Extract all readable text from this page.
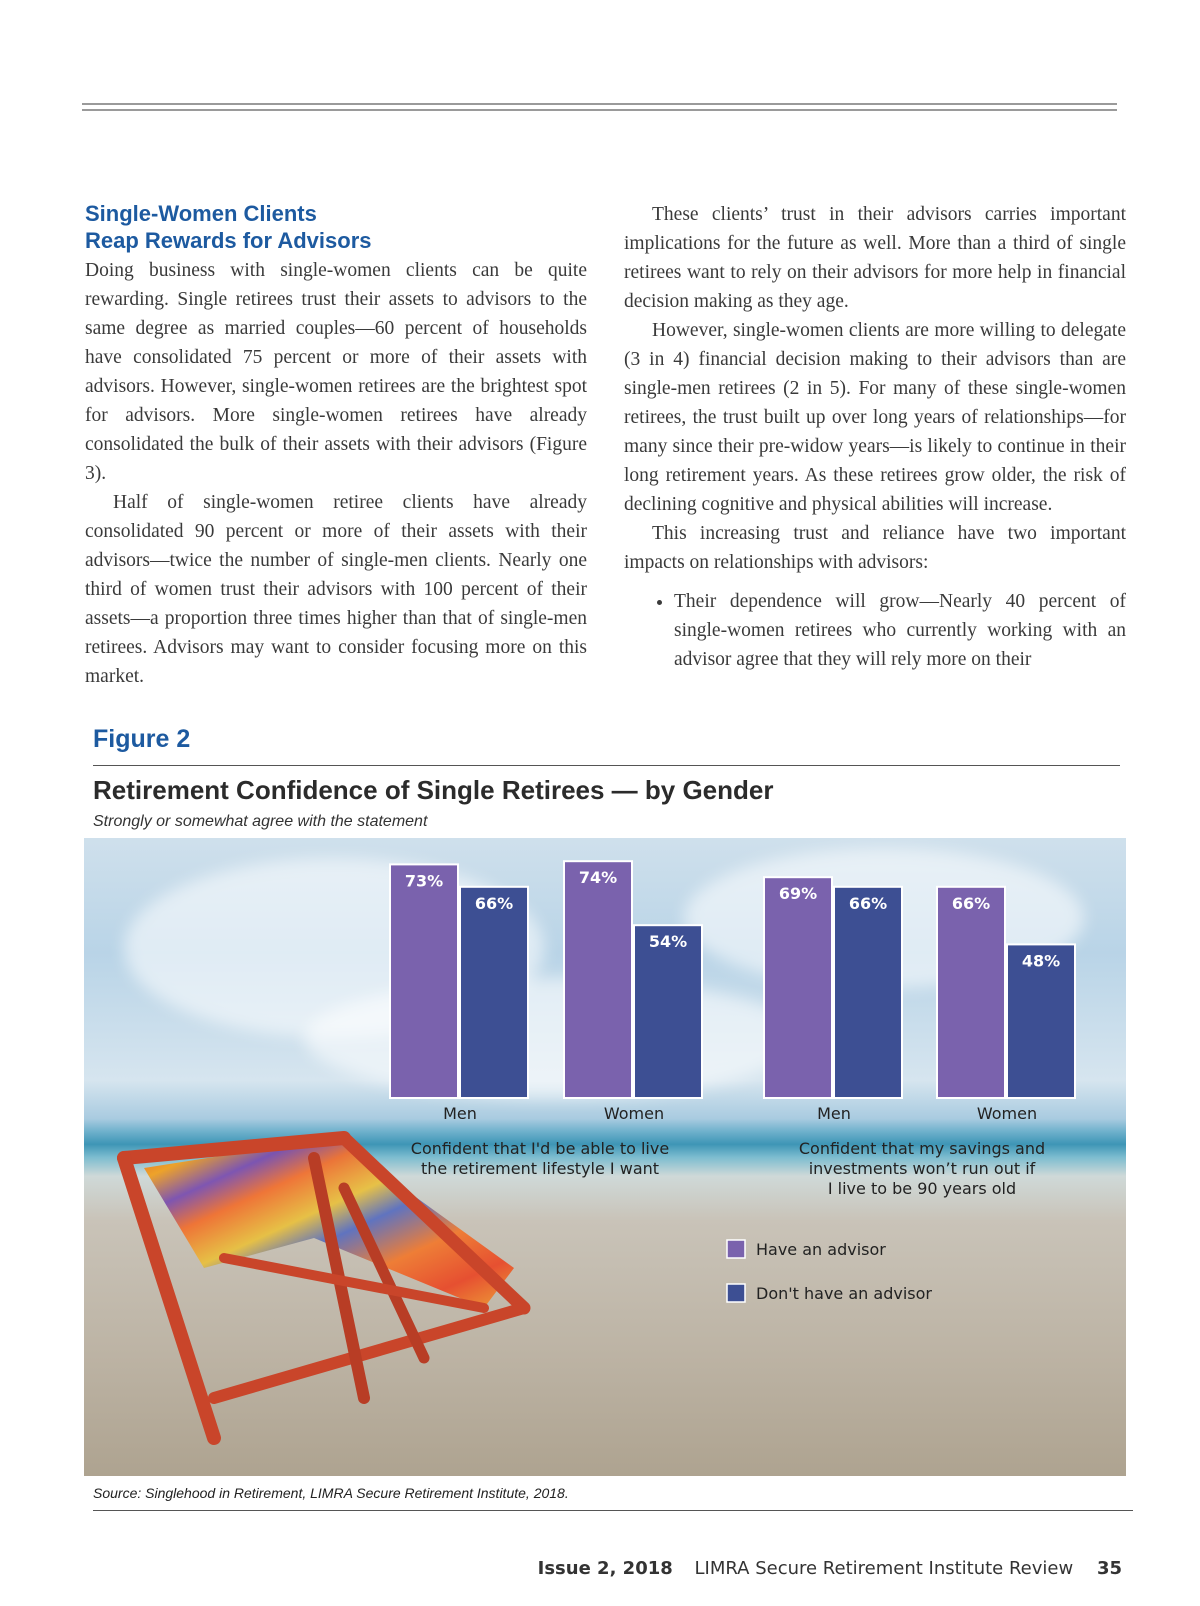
Single-Women Clients
Reap Rewards for Advisors

Doing business with single-women clients can be quite rewarding. Single retirees trust their assets to advisors to the same degree as married couples—60 percent of households have consolidated 75 percent or more of their assets with advisors. However, single-women retirees are the brightest spot for advisors. More single-women retirees have already consolidated the bulk of their assets with their advisors (Figure 3).

Half of single-women retiree clients have already consolidated 90 percent or more of their assets with their advisors—twice the number of single-men clients. Nearly one third of women trust their advisors with 100 percent of their assets—a proportion three times higher than that of single-men retirees. Advisors may want to consider focusing more on this market.

These clients’ trust in their advisors carries important implications for the future as well. More than a third of single retirees want to rely on their advisors for more help in financial decision making as they age.

However, single-women clients are more willing to delegate (3 in 4) financial decision making to their advisors than are single-men retirees (2 in 5). For many of these single-women retirees, the trust built up over long years of relationships—for many since their pre-widow years—is likely to continue in their long retirement years. As these retirees grow older, the risk of declining cognitive and physical abilities will increase.

This increasing trust and reliance have two important impacts on relationships with advisors:

• Their dependence will grow—Nearly 40 percent of single-women retirees who currently working with an advisor agree that they will rely more on their
Figure 2
Retirement Confidence of Single Retirees — by Gender
Strongly or somewhat agree with the statement
73%
66%
74%
54%
69%
66%	66%
48%
Men	Women	Men	Women
Confident that I'd be able to live
the retirement lifestyle I want
Confident that my savings and
investments won’t run out if
I live to be 90 years old
Have an advisor
Don't have an advisor
Source: Singlehood in Retirement, LIMRA Secure Retirement Institute, 2018.
Issue 2, 2018 LIMRA Secure Retirement Institute Review 35
